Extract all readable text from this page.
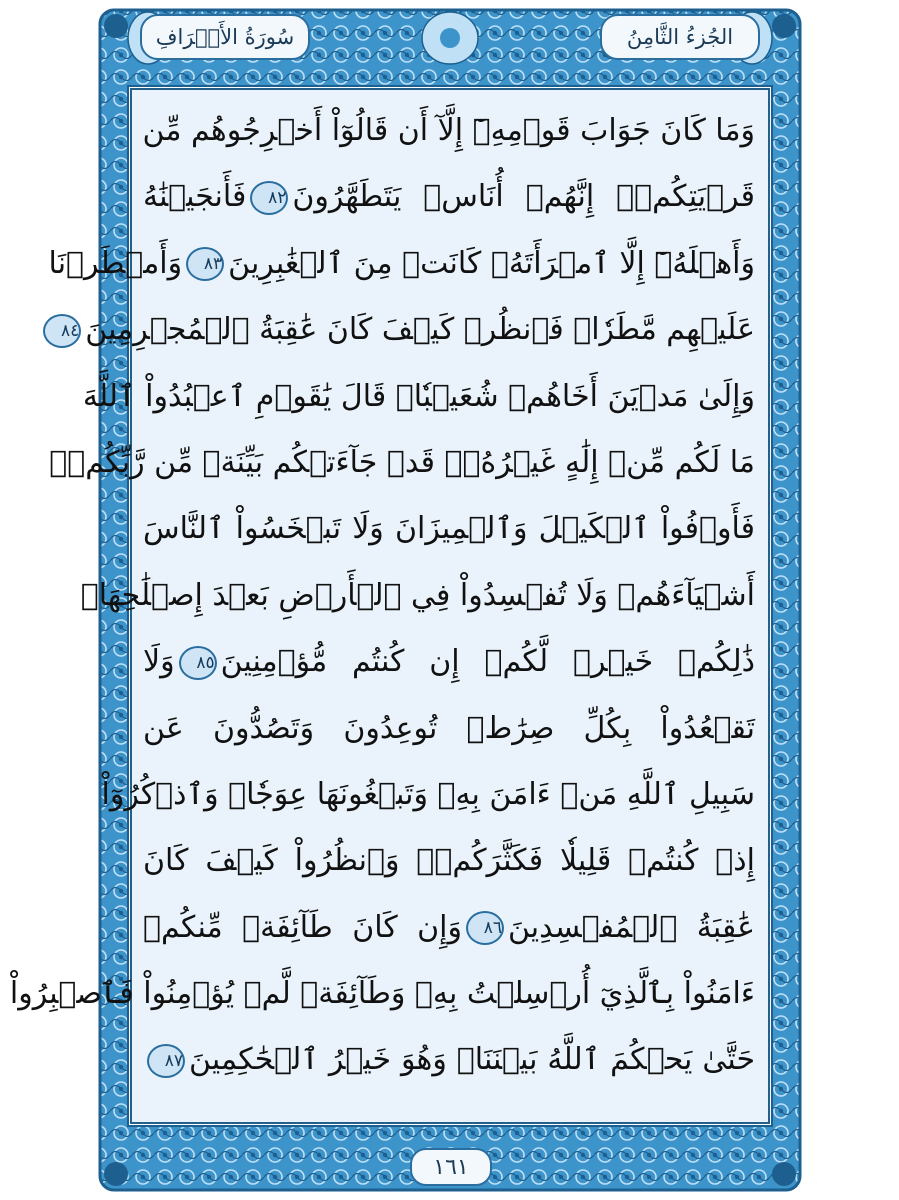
الجُزءُ الثَّامِنُ
سُورَةُ الأَعۡرَافِ
وَمَا كَانَ جَوَابَ قَوۡمِهِۦٓ إِلَّآ أَن قَالُوٓاْ أَخۡرِجُوهُم مِّن
قَرۡيَتِكُمۡۖ إِنَّهُمۡ أُنَاسٞ يَتَطَهَّرُونَ٨٢فَأَنجَيۡنَٰهُ
وَأَهۡلَهُۥٓ إِلَّا ٱمۡرَأَتَهُۥ كَانَتۡ مِنَ ٱلۡغَٰبِرِينَ٨٣وَأَمۡطَرۡنَا
عَلَيۡهِم مَّطَرٗاۖ فَٱنظُرۡ كَيۡفَ كَانَ عَٰقِبَةُ ٱلۡمُجۡرِمِينَ٨٤
وَإِلَىٰ مَدۡيَنَ أَخَاهُمۡ شُعَيۡبٗاۚ قَالَ يَٰقَوۡمِ ٱعۡبُدُواْ ٱللَّهَ
مَا لَكُم مِّنۡ إِلَٰهٍ غَيۡرُهُۥۖ قَدۡ جَآءَتۡكُم بَيِّنَةٞ مِّن رَّبِّكُمۡۖ
فَأَوۡفُواْ ٱلۡكَيۡلَ وَٱلۡمِيزَانَ وَلَا تَبۡخَسُواْ ٱلنَّاسَ
أَشۡيَآءَهُمۡ وَلَا تُفۡسِدُواْ فِي ٱلۡأَرۡضِ بَعۡدَ إِصۡلَٰحِهَاۚ
ذَٰلِكُمۡ خَيۡرٞ لَّكُمۡ إِن كُنتُم مُّؤۡمِنِينَ٨٥وَلَا
تَقۡعُدُواْ بِكُلِّ صِرَٰطٖ تُوعِدُونَ وَتَصُدُّونَ عَن
سَبِيلِ ٱللَّهِ مَنۡ ءَامَنَ بِهِۦ وَتَبۡغُونَهَا عِوَجٗاۚ وَٱذۡكُرُوٓاْ
إِذۡ كُنتُمۡ قَلِيلٗا فَكَثَّرَكُمۡۖ وَٱنظُرُواْ كَيۡفَ كَانَ
عَٰقِبَةُ ٱلۡمُفۡسِدِينَ٨٦وَإِن كَانَ طَآئِفَةٞ مِّنكُمۡ
ءَامَنُواْ بِٱلَّذِيٓ أُرۡسِلۡتُ بِهِۦ وَطَآئِفَةٞ لَّمۡ يُؤۡمِنُواْ فَٱصۡبِرُواْ
حَتَّىٰ يَحۡكُمَ ٱللَّهُ بَيۡنَنَاۚ وَهُوَ خَيۡرُ ٱلۡحَٰكِمِينَ٨٧
١٦١
